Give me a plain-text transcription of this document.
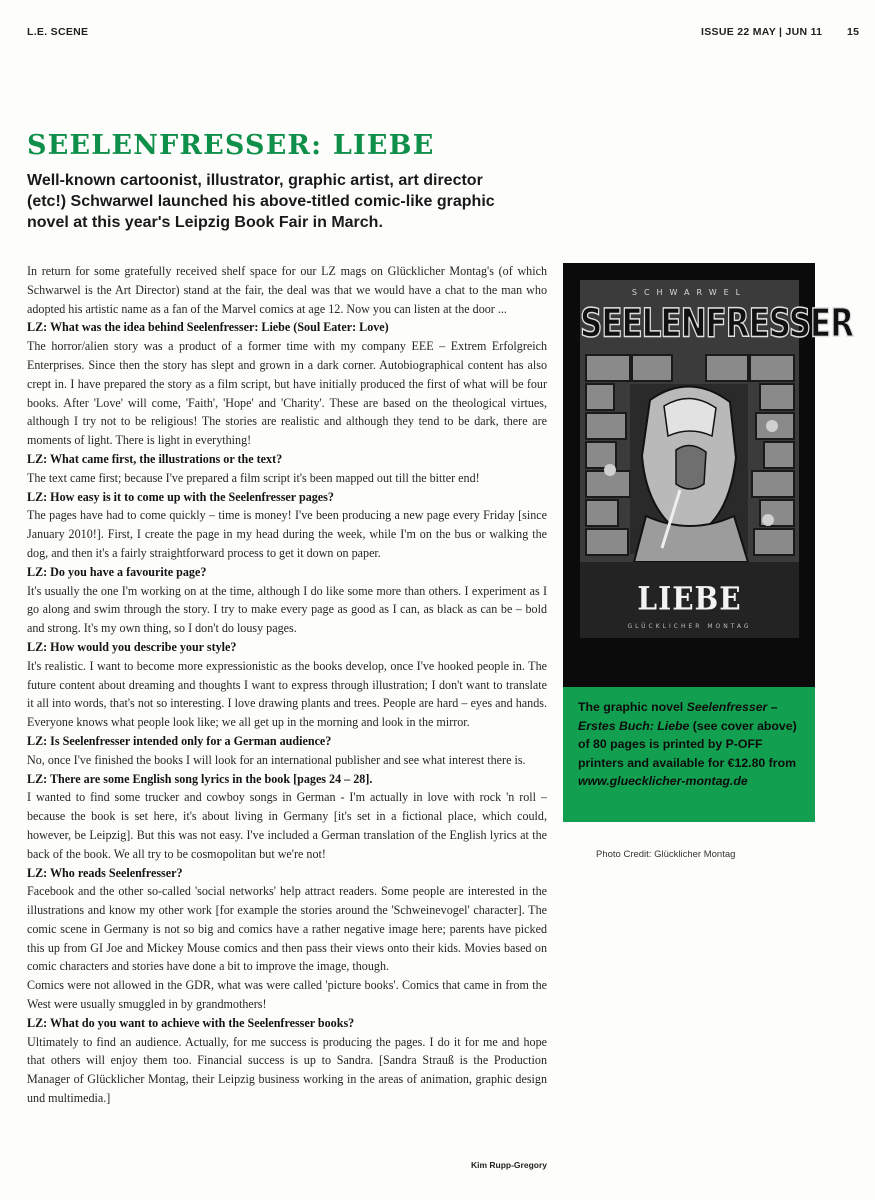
L.E. SCENE	ISSUE 22 MAY | JUN 11 15
SEELENFRESSER: LIEBE

Well-known cartoonist, illustrator, graphic artist, art director (etc!) Schwarwel launched his above-titled comic-like graphic novel at this year's Leipzig Book Fair in March.

In return for some gratefully received shelf space for our LZ mags on Glücklicher Montag's (of which Schwarwel is the Art Director) stand at the fair, the deal was that we would have a chat to the man who adopted his artistic name as a fan of the Marvel comics at age 12. Now you can listen at the door ...

LZ: What was the idea behind Seelenfresser: Liebe (Soul Eater: Love)

The horror/alien story was a product of a former time with my company EEE – Extrem Erfolgreich Enterprises. Since then the story has slept and grown in a dark corner. Autobiographical content has also crept in. I have prepared the story as a film script, but have initially produced the first of what will be four books. After 'Love' will come, 'Faith', 'Hope' and 'Charity'. These are based on the theological virtues, although I try not to be religious! The stories are realistic and although they tend to be dark, there are moments of light. There is light in everything!

LZ: What came first, the illustrations or the text?

The text came first; because I've prepared a film script it's been mapped out till the bitter end!

LZ: How easy is it to come up with the Seelenfresser pages?

The pages have had to come quickly – time is money! I've been producing a new page every Friday [since January 2010!]. First, I create the page in my head during the week, while I'm on the bus or walking the dog, and then it's a fairly straightforward process to get it down on paper.

LZ: Do you have a favourite page?

It's usually the one I'm working on at the time, although I do like some more than others. I experiment as I go along and swim through the story. I try to make every page as good as I can, as black as can be – bold and strong. It's my own thing, so I don't do lousy pages.

LZ: How would you describe your style?

It's realistic. I want to become more expressionistic as the books develop, once I've hooked people in. The future content about dreaming and thoughts I want to express through illustration; I don't want to translate it all into words, that's not so interesting. I love drawing plants and trees. People are hard – eyes and hands. Everyone knows what people look like; we all get up in the morning and look in the mirror.

LZ: Is Seelenfresser intended only for a German audience?

No, once I've finished the books I will look for an international publisher and see what interest there is.

LZ: There are some English song lyrics in the book [pages 24 – 28].

I wanted to find some trucker and cowboy songs in German - I'm actually in love with rock 'n roll – because the book is set here, it's about living in Germany [it's set in a fictional place, which could, however, be Leipzig]. But this was not easy. I've included a German translation of the English lyrics at the back of the book. We all try to be cosmopolitan but we're not!

LZ: Who reads Seelenfresser?

Facebook and the other so-called 'social networks' help attract readers. Some people are interested in the illustrations and know my other work [for example the stories around the 'Schweinevogel' character]. The comic scene in Germany is not so big and comics have a rather negative image here; parents have picked this up from GI Joe and Mickey Mouse comics and then pass their views onto their kids. Movies based on comic characters and stories have done a bit to improve the image, though.

Comics were not allowed in the GDR, what was were called 'picture books'. Comics that came in from the West were usually smuggled in by grandmothers!

LZ: What do you want to achieve with the Seelenfresser books?

Ultimately to find an audience. Actually, for me success is producing the pages. I do it for me and hope that others will enjoy them too. Financial success is up to Sandra. [Sandra Strauß is the Production Manager of Glücklicher Montag, their Leipzig business working in the areas of animation, graphic design und multimedia.]

Kim Rupp-Gregory
SCHWARWEL
SEELENFRESSER
LIEBE
GLÜCKLICHER MONTAG
The graphic novel Seelenfresser – Erstes Buch: Liebe (see cover above) of 80 pages is printed by P-OFF printers and available for €12.80 from www.gluecklicher-montag.de
Photo Credit: Glücklicher Montag
